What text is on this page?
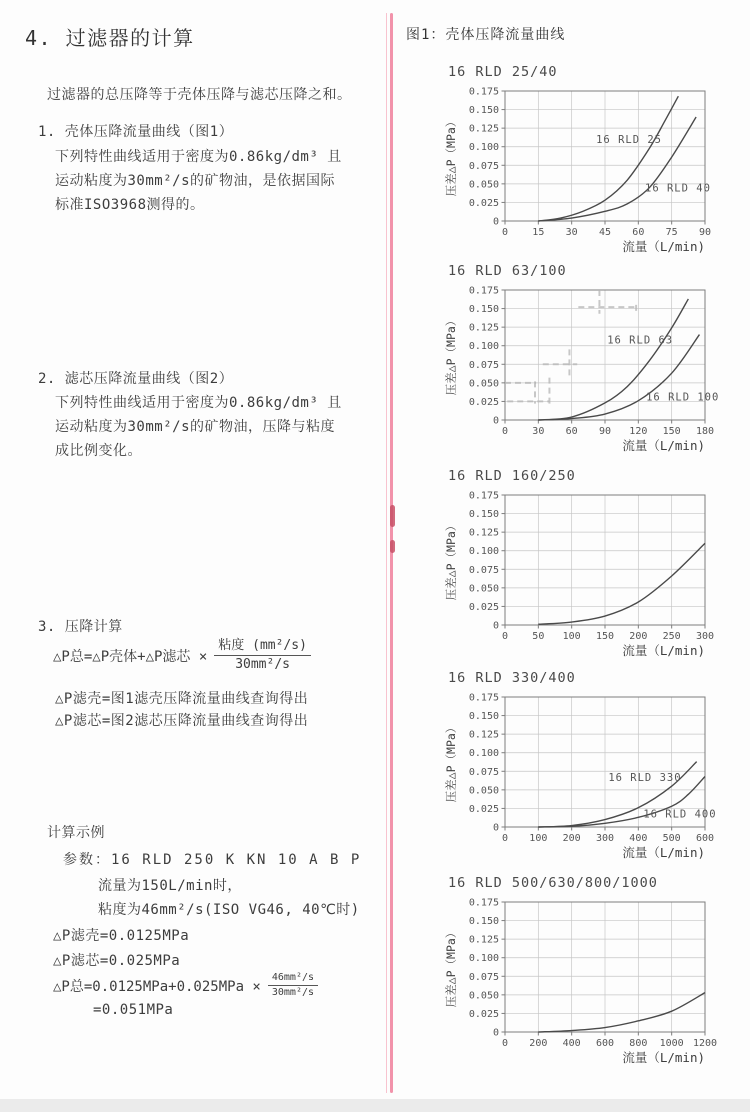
4. 过滤器的计算
过滤器的总压降等于壳体压降与滤芯压降之和。
1. 壳体压降流量曲线（图1）
下列特性曲线适用于密度为0.86kg/dm³ 且
运动粘度为30mm²/s的矿物油，是依据国际
标准ISO3968测得的。
2. 滤芯压降流量曲线（图2）
下列特性曲线适用于密度为0.86kg/dm³ 且
运动粘度为30mm²/s的矿物油，压降与粘度
成比例变化。
3. 压降计算
△P总=△P壳体+△P滤芯 × $\frac{\text{粘度 (mm²/s)}}{\text{30mm²/s}}$
△P滤壳=图1滤壳压降流量曲线查询得出
△P滤芯=图2滤芯压降流量曲线查询得出
计算示例
参数：16 RLD 250 K KN 10 A B P
流量为150L/min时，
粘度为46mm²/s(ISO VG46, 40℃时)
△P滤壳=0.0125MPa
△P滤芯=0.025MPa
△P总$=0.0125MPa+0.025MPa \times \frac{\text{46mm²/s}}{\text{30mm²/s}}$
=0.051MPa
图1：壳体压降流量曲线
16 RLD 25/40
0 15 30 45 60 75 90
0
0.025
0.050
0.075
0.100
0.125
0.150
0.175
16 RLD 25
16 RLD 40
流量（L/min)
压差△P（MPa）
16 RLD 63/100
0 30 60 90 120 150 180
0
0.025
0.050
0.075
0.100
0.125
0.150
0.175
16 RLD 63
16 RLD 100
流量（L/min)
压差△P（MPa）
16 RLD 160/250
0 50 100 150 200 250 300
0
0.025
0.050
0.075
0.100
0.125
0.150
0.175
流量（L/min)
压差△P（MPa）
16 RLD 330/400
0 100 200 300 400 500 600
0
0.025
0.050
0.075
0.100
0.125
0.150
0.175
16 RLD 330
16 RLD 400
流量（L/min)
压差△P（MPa）
16 RLD 500/630/800/1000
0 200 400 600 800 1000 1200
0
0.025
0.050
0.075
0.100
0.125
0.150
0.175
流量（L/min)
压差△P（MPa）
